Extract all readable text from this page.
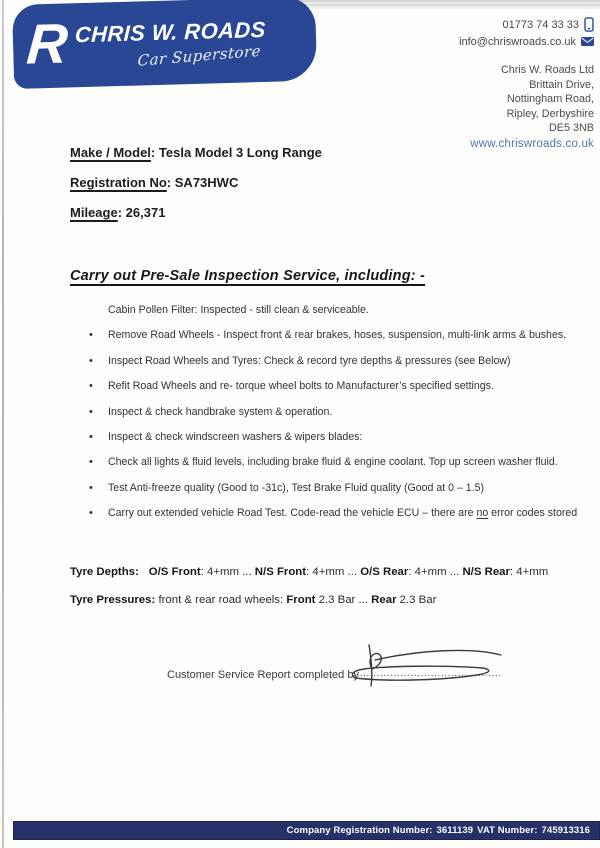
R CHRIS W. ROADS
Car Superstore
01773 74 33 33
info@chriswroads.co.uk
Chris W. Roads Ltd
Brittain Drive,
Nottingham Road,
Ripley, Derbyshire
DE5 3NB
www.chriswroads.co.uk
Make / Model: Tesla Model 3 Long Range
Registration No: SA73HWC
Mileage: 26,371
Carry out Pre-Sale Inspection Service, including: -
Cabin Pollen Filter: Inspected - still clean & serviceable.
• Remove Road Wheels - Inspect front & rear brakes, hoses, suspension, multi-link arms & bushes.
• Inspect Road Wheels and Tyres: Check & record tyre depths & pressures (see Below)
• Refit Road Wheels and re- torque wheel bolts to Manufacturer’s specified settings.
• Inspect & check handbrake system & operation.
• Inspect & check windscreen washers & wipers blades:
• Check all lights & fluid levels, including brake fluid & engine coolant. Top up screen washer fluid.
• Test Anti-freeze quality (Good to -31c), Test Brake Fluid quality (Good at 0 – 1.5)
• Carry out extended vehicle Road Test. Code-read the vehicle ECU – there are no error codes stored
Tyre Depths: O/S Front: 4+mm ... N/S Front: 4+mm ... O/S Rear: 4+mm ... N/S Rear: 4+mm
Tyre Pressures: front & rear road wheels: Front 2.3 Bar ... Rear 2.3 Bar
Customer Service Report completed by
............................................
Company Registration Number: 3611139 VAT Number: 745913316
